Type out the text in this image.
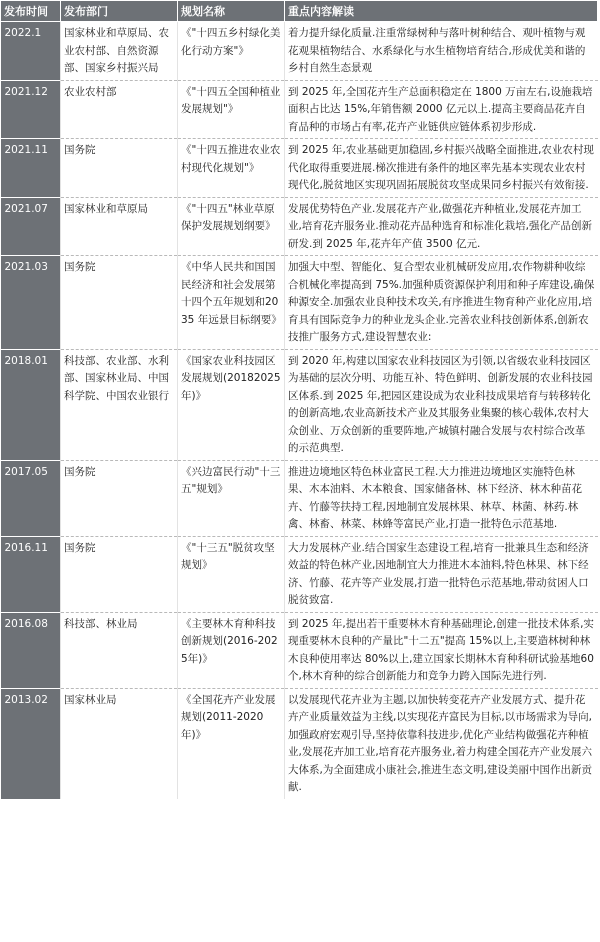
发布时间	发布部门	规划名称	重点内容解读
2022.1	国家林业和草原局、农业农村部、自然资源部、国家乡村振兴局	《"十四五乡村绿化美化行动方案"》	着力提升绿化质量.注重常绿树种与落叶树种结合、观叶植物与观花观果植物结合、水系绿化与水生植物培育结合,形成优美和谐的乡村自然生态景观
2021.12	农业农村部	《"十四五全国种植业发展规划"》	到 2025 年,全国花卉生产总面积稳定在 1800 万亩左右,设施栽培面积占比达 15%,年销售额 2000 亿元以上.提高主要商品花卉自育品种的市场占有率,花卉产业链供应链体系初步形成.
2021.11	国务院	《"十四五推进农业农村现代化规划"》	到 2025 年,农业基础更加稳固,乡村振兴战略全面推进,农业农村现代化取得重要进展.梯次推进有条件的地区率先基本实现农业农村现代化,脱贫地区实现巩固拓展脱贫攻坚成果同乡村振兴有效衔接.
2021.07	国家林业和草原局	《"十四五"林业草原保护发展规划纲要》	发展优势特色产业.发展花卉产业,做强花卉种植业,发展花卉加工业,培育花卉服务业.推动花卉品种选育和标准化栽培,强化产品创新研发.到 2025 年,花卉年产值 3500 亿元.
2021.03	国务院	《中华人民共和国国民经济和社会发展第十四个五年规划和2035 年远景目标纲要》	加强大中型、智能化、复合型农业机械研发应用,农作物耕种收综合机械化率提高到 75%.加强种质资源保护利用和种子库建设,确保种源安全.加强农业良种技术攻关,有序推进生物育种产业化应用,培育具有国际竞争力的种业龙头企业.完善农业科技创新体系,创新农技推广服务方式,建设智慧农业:
2018.01	科技部、农业部、水利部、国家林业局、中国科学院、中国农业银行	《国家农业科技园区发展规划(20182025年)》	到 2020 年,构建以国家农业科技园区为引领,以省级农业科技园区为基础的层次分明、功能互补、特色鲜明、创新发展的农业科技园区体系.到 2025 年,把园区建设成为农业科技成果培育与转移转化的创新高地,农业高新技术产业及其服务业集聚的核心载体,农村大众创业、万众创新的重要阵地,产城镇村融合发展与农村综合改革的示范典型.
2017.05	国务院	《兴边富民行动"十三五"规划》	推进边境地区特色林业富民工程.大力推进边境地区实施特色林果、木本油料、木本粮食、国家储备林、林下经济、林木种苗花卉、竹藤等扶持工程,因地制宜发展林果、林草、林菌、林药.林禽、林畜、林菜、林蜂等富民产业,打造一批特色示范基地.
2016.11	国务院	《"十三五"脱贫攻坚规划》	大力发展林产业.结合国家生态建设工程,培育一批兼具生态和经济效益的特色林产业,因地制宜大力推进木本油料,特色林果、林下经济、竹藤、花卉等产业发展,打造一批特色示范基地,带动贫困人口脱贫致富.
2016.08	科技部、林业局	《主要林木育种科技创新规划(2016-2025年)》	到 2025 年,提出若干重要林木育种基础理论,创建一批技术体系,实现重要林木良种的产量比"十二五"提高 15%以上,主要造林树种林木良种使用率达 80%以上,建立国家长期林木育种科研试验基地60个,林木育种的综合创新能力和竞争力跨入国际先进行列.
2013.02	国家林业局	《全国花卉产业发展规划(2011-2020年)》	以发展现代花卉业为主题,以加快转变花卉产业发展方式、提升花卉产业质量效益为主线,以实现花卉富民为目标,以市场需求为导向,加强政府宏观引导,坚持依靠科技进步,优化产业结构做强花卉种植业,发展花卉加工业,培育花卉服务业,着力构建全国花卉产业发展六大体系,为全面建成小康社会,推进生态文明,建设美丽中国作出新贡献.
